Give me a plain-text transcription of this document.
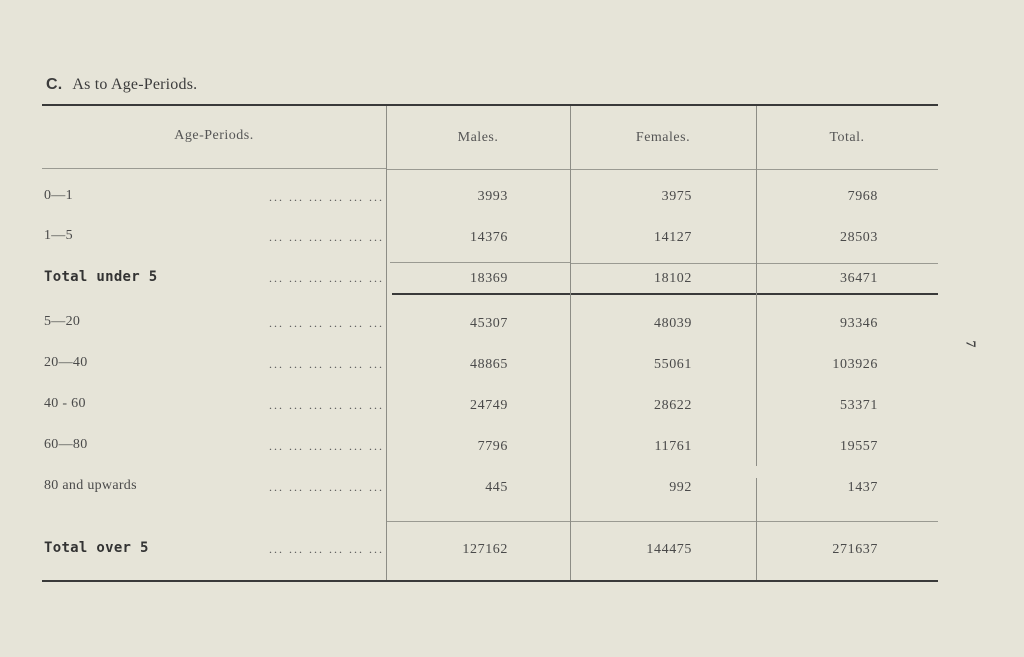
C. As to Age-Periods.
Age-Periods.	Males.	Females.	Total.
0—1	... ... ... ... ... ...	3993	3975	7968
1—5	... ... ... ... ... ...	14376	14127	28503
Total under 5	... ... ... ... ... ...	18369	18102	36471
5—20	... ... ... ... ... ...	45307	48039	93346
20—40	... ... ... ... ... ...	48865	55061	103926
40 - 60	... ... ... ... ... ...	24749	28622	53371
60—80	... ... ... ... ... ...	7796	11761	19557
80 and upwards	... ... ... ... ... ...	445	992	1437
Total over 5	... ... ... ... ... ...	127162	144475	271637
7
